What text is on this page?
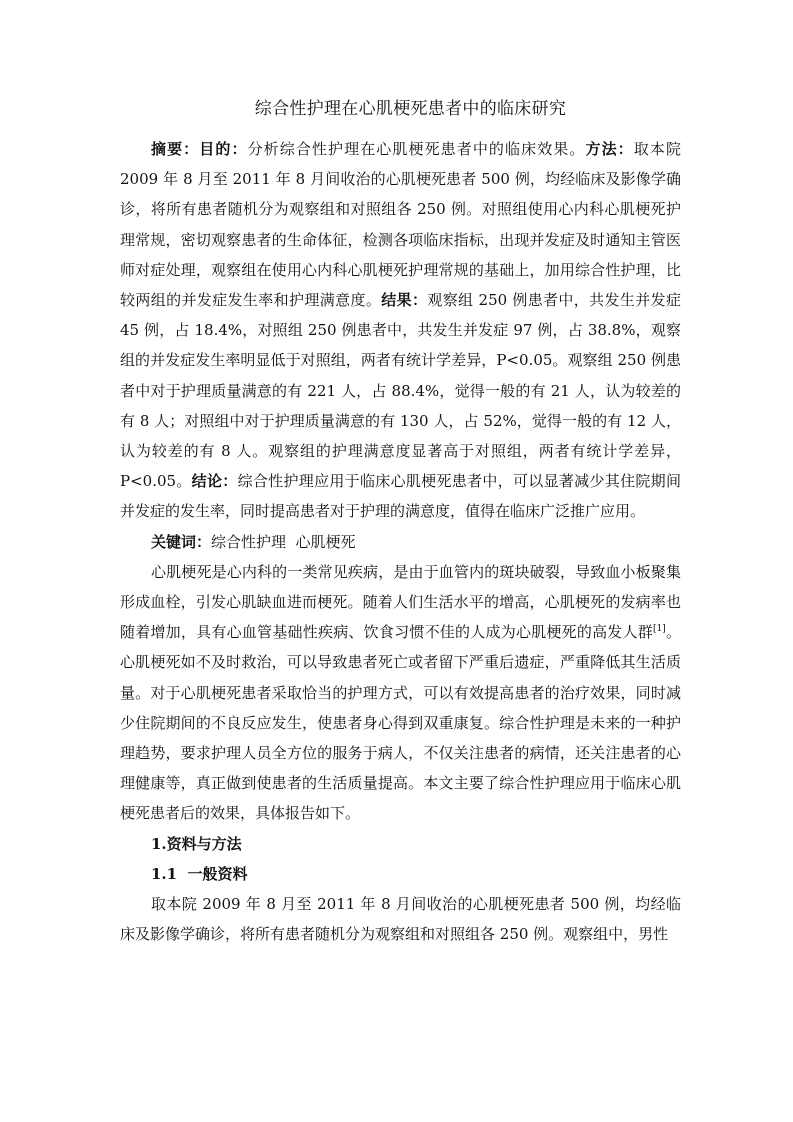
综合性护理在心肌梗死患者中的临床研究

摘要：目的：分析综合性护理在心肌梗死患者中的临床效果。方法：取本院 2009 年 8 月至 2011 年 8 月间收治的心肌梗死患者 500 例，均经临床及影像学确诊，将所有患者随机分为观察组和对照组各 250 例。对照组使用心内科心肌梗死护理常规，密切观察患者的生命体征，检测各项临床指标，出现并发症及时通知主管医师对症处理，观察组在使用心内科心肌梗死护理常规的基础上，加用综合性护理，比较两组的并发症发生率和护理满意度。结果：观察组 250 例患者中，共发生并发症 45 例，占 18.4%，对照组 250 例患者中，共发生并发症 97 例，占 38.8%，观察组的并发症发生率明显低于对照组，两者有统计学差异，P<0.05。观察组 250 例患者中对于护理质量满意的有 221 人，占 88.4%，觉得一般的有 21 人，认为较差的有 8 人；对照组中对于护理质量满意的有 130 人，占 52%，觉得一般的有 12 人，认为较差的有 8 人。观察组的护理满意度显著高于对照组，两者有统计学差异，P<0.05。结论：综合性护理应用于临床心肌梗死患者中，可以显著减少其住院期间并发症的发生率，同时提高患者对于护理的满意度，值得在临床广泛推广应用。

关键词：综合性护理  心肌梗死

心肌梗死是心内科的一类常见疾病，是由于血管内的斑块破裂，导致血小板聚集形成血栓，引发心肌缺血进而梗死。随着人们生活水平的增高，心肌梗死的发病率也随着增加，具有心血管基础性疾病、饮食习惯不佳的人成为心肌梗死的高发人群[1]。心肌梗死如不及时救治，可以导致患者死亡或者留下严重后遗症，严重降低其生活质量。对于心肌梗死患者采取恰当的护理方式，可以有效提高患者的治疗效果，同时减少住院期间的不良反应发生，使患者身心得到双重康复。综合性护理是未来的一种护理趋势，要求护理人员全方位的服务于病人，不仅关注患者的病情，还关注患者的心理健康等，真正做到使患者的生活质量提高。本文主要了综合性护理应用于临床心肌梗死患者后的效果，具体报告如下。

1.资料与方法
1.1  一般资料

取本院 2009 年 8 月至 2011 年 8 月间收治的心肌梗死患者 500 例，均经临床及影像学确诊，将所有患者随机分为观察组和对照组各 250 例。观察组中，男性
